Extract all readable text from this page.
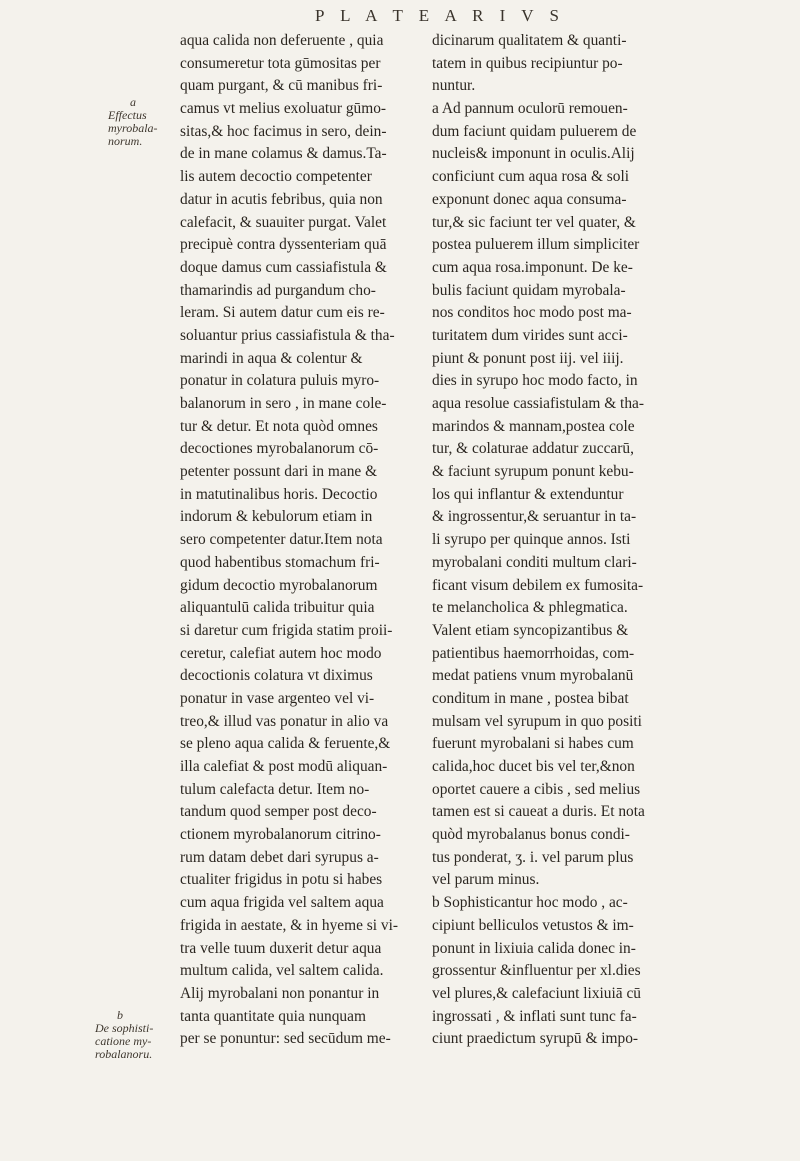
P L A T E A R I V S
a
Effectus
myrobala-
norum.
b
De sophisti-
catione my-
robalanoru.
aqua calida non deferuente , quia
consumeretur tota gūmositas per
quam purgant, & cū manibus fri-
camus vt melius exoluatur gūmo-
sitas,& hoc facimus in sero, dein-
de in mane colamus & damus.Ta-
lis autem decoctio competenter
datur in acutis febribus, quia non
calefacit, & suauiter purgat. Valet
precipuè contra dyssenteriam quā
doque damus cum cassiafistula &
thamarindis ad purgandum cho-
leram. Si autem datur cum eis re-
soluantur prius cassiafistula & tha-
marindi in aqua & colentur &
ponatur in colatura puluis myro-
balanorum in sero , in mane cole-
tur & detur. Et nota quòd omnes
decoctiones myrobalanorum cō-
petenter possunt dari in mane &
in matutinalibus horis. Decoctio
indorum & kebulorum etiam in
sero competenter datur.Item nota
quod habentibus stomachum fri-
gidum decoctio myrobalanorum
aliquantulū calida tribuitur quia
si daretur cum frigida statim proii-
ceretur, calefiat autem hoc modo
decoctionis colatura vt diximus
ponatur in vase argenteo vel vi-
treo,& illud vas ponatur in alio va
se pleno aqua calida & feruente,&
illa calefiat & post modū aliquan-
tulum calefacta detur. Item no-
tandum quod semper post deco-
ctionem myrobalanorum citrino-
rum datam debet dari syrupus a-
ctualiter frigidus in potu si habes
cum aqua frigida vel saltem aqua
frigida in aestate, & in hyeme si vi-
tra velle tuum duxerit detur aqua
multum calida, vel saltem calida.
Alij myrobalani non ponantur in
tanta quantitate quia nunquam
per se ponuntur: sed secūdum me-
dicinarum qualitatem & quanti-
tatem in quibus recipiuntur po-
nuntur.
a Ad pannum oculorū remouen-
dum faciunt quidam puluerem de
nucleis& imponunt in oculis.Alij
conficiunt cum aqua rosa & soli
exponunt donec aqua consuma-
tur,& sic faciunt ter vel quater, &
postea puluerem illum simpliciter
cum aqua rosa.imponunt. De ke-
bulis faciunt quidam myrobala-
nos conditos hoc modo post ma-
turitatem dum virides sunt acci-
piunt & ponunt post iij. vel iiij.
dies in syrupo hoc modo facto, in
aqua resolue cassiafistulam & tha-
marindos & mannam,postea cole
tur, & colaturae addatur zuccarū,
& faciunt syrupum ponunt kebu-
los qui inflantur & extenduntur
& ingrossentur,& seruantur in ta-
li syrupo per quinque annos. Isti
myrobalani conditi multum clari-
ficant visum debilem ex fumosita-
te melancholica & phlegmatica.
Valent etiam syncopizantibus &
patientibus haemorrhoidas, com-
medat patiens vnum myrobalanū
conditum in mane , postea bibat
mulsam vel syrupum in quo positi
fuerunt myrobalani si habes cum
calida,hoc ducet bis vel ter,&non
oportet cauere a cibis , sed melius
tamen est si caueat a duris. Et nota
quòd myrobalanus bonus condi-
tus ponderat, ʒ. i. vel parum plus
vel parum minus.
b Sophisticantur hoc modo , ac-
cipiunt belliculos vetustos & im-
ponunt in lixiuia calida donec in-
grossentur &influentur per xl.dies
vel plures,& calefaciunt lixiuiā cū
ingrossati , & inflati sunt tunc fa-
ciunt praedictum syrupū & impo-
